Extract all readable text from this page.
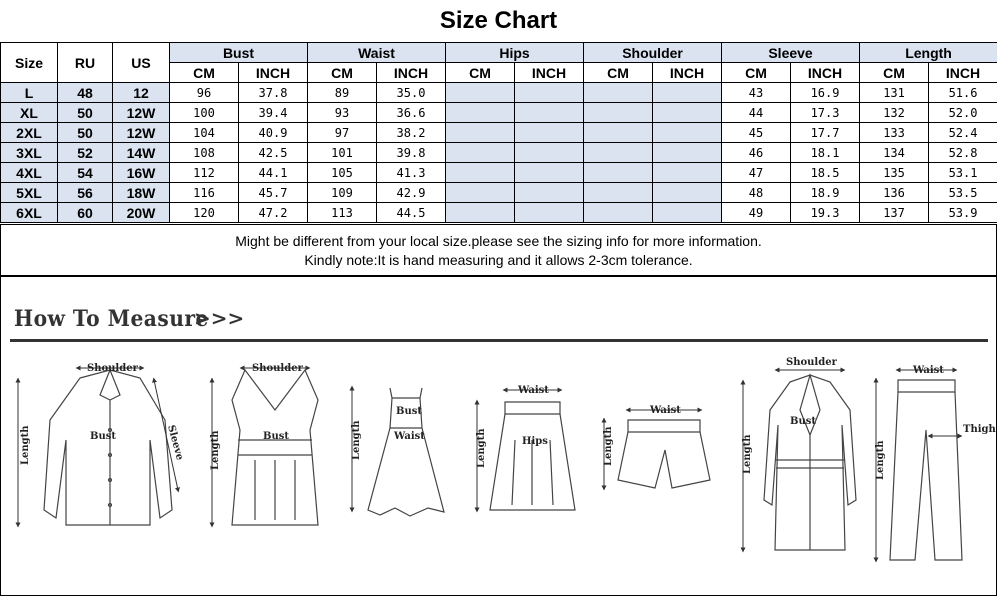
Size Chart
Size	RU	US	Bust		Waist		Hips		Shoulder		Sleeve		Length	
			CM	INCH	CM	INCH	CM	INCH	CM	INCH	CM	INCH	CM	INCH
L	48	12	96	37.8	89	35.0					43	16.9	131	51.6
XL	50	12W	100	39.4	93	36.6					44	17.3	132	52.0
2XL	50	12W	104	40.9	97	38.2					45	17.7	133	52.4
3XL	52	14W	108	42.5	101	39.8					46	18.1	134	52.8
4XL	54	16W	112	44.1	105	41.3					47	18.5	135	53.1
5XL	56	18W	116	45.7	109	42.9					48	18.9	136	53.5
6XL	60	20W	120	47.2	113	44.5					49	19.3	137	53.9
Might be different from your local size.please see the sizing info for more information.
Kindly note:It is hand measuring and it allows 2-3cm tolerance.
How To Measure
>>>
Shoulder
Bust	Sleeve
Length
Shoulder
Bust
Length
Bust
Waist
Length
Waist
Hips
Length
Waist
Length
Shoulder
Bust
Length
Waist
Thigh
Length
